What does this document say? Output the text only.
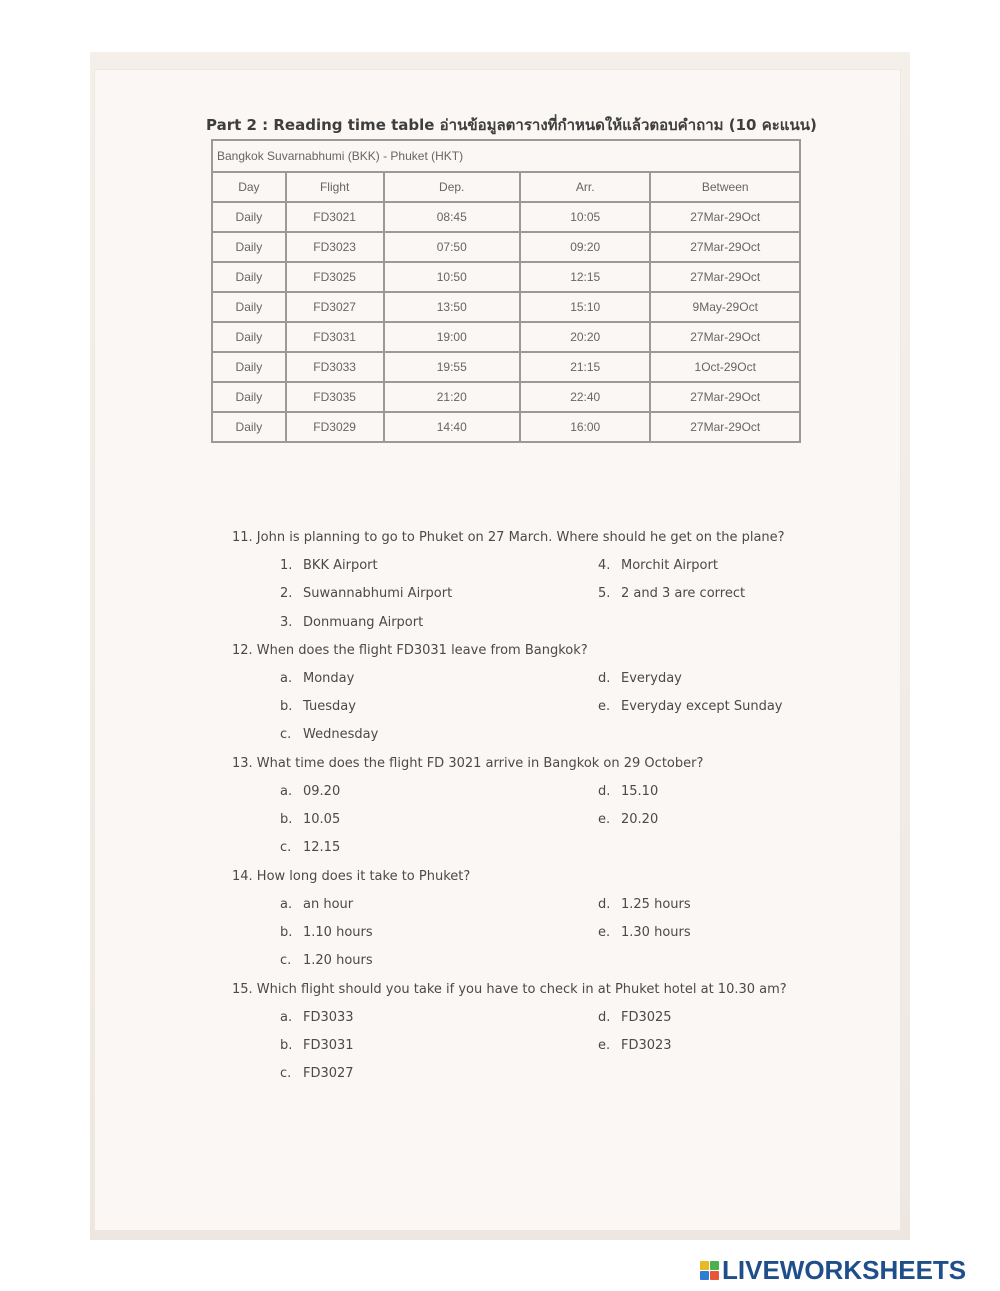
Part 2 : Reading time table อ่านข้อมูลตารางที่กำหนดให้แล้วตอบคำถาม (10 คะแนน)
Bangkok Suvarnabhumi (BKK) - Phuket (HKT)				
Day	Flight	Dep.	Arr.	Between
Daily	FD3021	08:45	10:05	27Mar-29Oct
Daily	FD3023	07:50	09:20	27Mar-29Oct
Daily	FD3025	10:50	12:15	27Mar-29Oct
Daily	FD3027	13:50	15:10	9May-29Oct
Daily	FD3031	19:00	20:20	27Mar-29Oct
Daily	FD3033	19:55	21:15	1Oct-29Oct
Daily	FD3035	21:20	22:40	27Mar-29Oct
Daily	FD3029	14:40	16:00	27Mar-29Oct
11. John is planning to go to Phuket on 27 March. Where should he get on the plane?
1. BKK Airport
2. Suwannabhumi Airport
3. Donmuang Airport
4. Morchit Airport
5. 2 and 3 are correct
12. When does the flight FD3031 leave from Bangkok?
a. Monday
b. Tuesday
c. Wednesday
d. Everyday
e. Everyday except Sunday
13. What time does the flight FD 3021 arrive in Bangkok on 29 October?
a. 09.20
b. 10.05
c. 12.15
d. 15.10
e. 20.20
14. How long does it take to Phuket?
a. an hour
b. 1.10 hours
c. 1.20 hours
d. 1.25 hours
e. 1.30 hours
15. Which flight should you take if you have to check in at Phuket hotel at 10.30 am?
a. FD3033
b. FD3031
c. FD3027
d. FD3025
e. FD3023
LIVEWORKSHEETS
